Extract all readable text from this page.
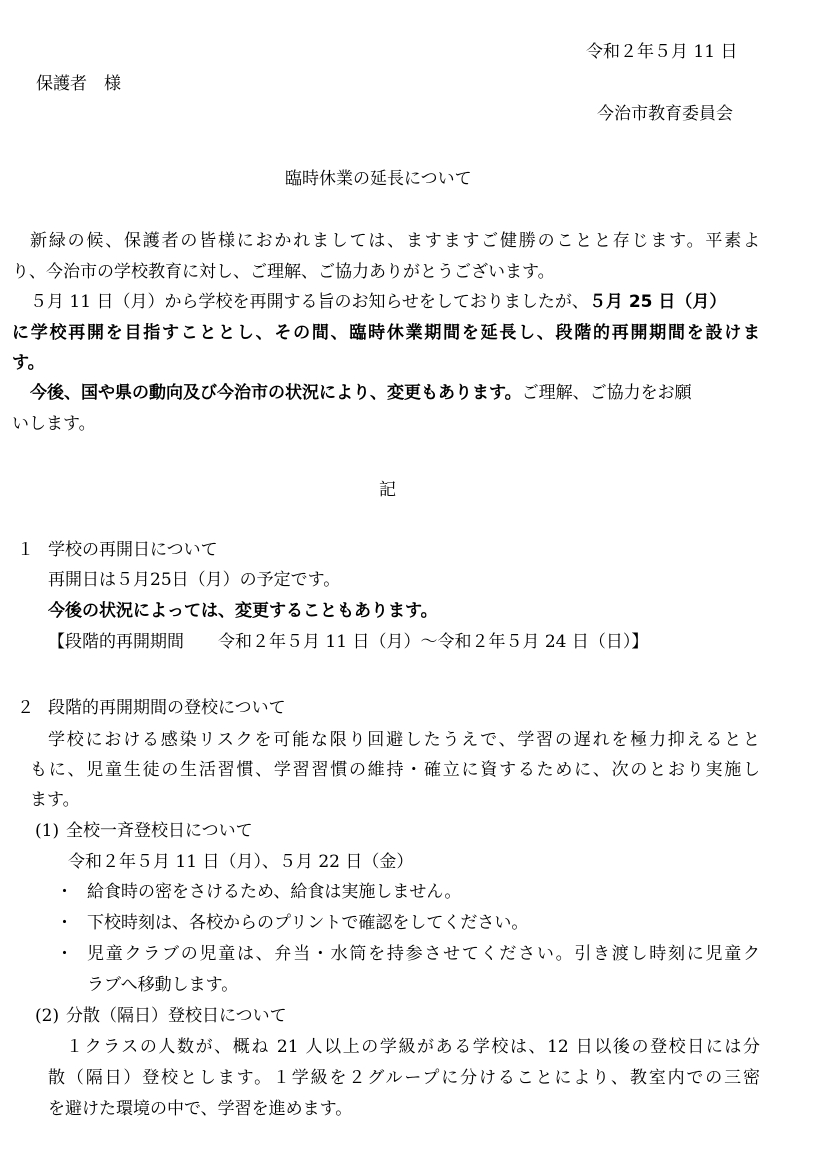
令和２年５月 11 日
保護者　様
今治市教育委員会
臨時休業の延長について
新緑の候、保護者の皆様におかれましては、ますますご健勝のことと存じます。平素よ
り、今治市の学校教育に対し、ご理解、ご協力ありがとうございます。
５月 11 日（月）から学校を再開する旨のお知らせをしておりましたが、５月 25 日（月）
に学校再開を目指すこととし、その間、臨時休業期間を延長し、段階的再開期間を設けま
す。
今後、国や県の動向及び今治市の状況により、変更もあります。ご理解、ご協力をお願
いします。
記
１ 学校の再開日について
再開日は５月25日（月）の予定です。
今後の状況によっては、変更することもあります。
【段階的再開期間　　令和２年５月 11 日（月）～令和２年５月 24 日（日）】
２ 段階的再開期間の登校について
学校における感染リスクを可能な限り回避したうえで、学習の遅れを極力抑えるとと
もに、児童生徒の生活習慣、学習習慣の維持・確立に資するために、次のとおり実施し
ます。
(1) 全校一斉登校日について
令和２年５月 11 日（月）、５月 22 日（金）
・ 給食時の密をさけるため、給食は実施しません。
・ 下校時刻は、各校からのプリントで確認をしてください。
・ 児童クラブの児童は、弁当・水筒を持参させてください。引き渡し時刻に児童ク
ラブへ移動します。
(2) 分散（隔日）登校日について
１クラスの人数が、概ね 21 人以上の学級がある学校は、12 日以後の登校日には分
散（隔日）登校とします。１学級を２グループに分けることにより、教室内での三密
を避けた環境の中で、学習を進めます。
